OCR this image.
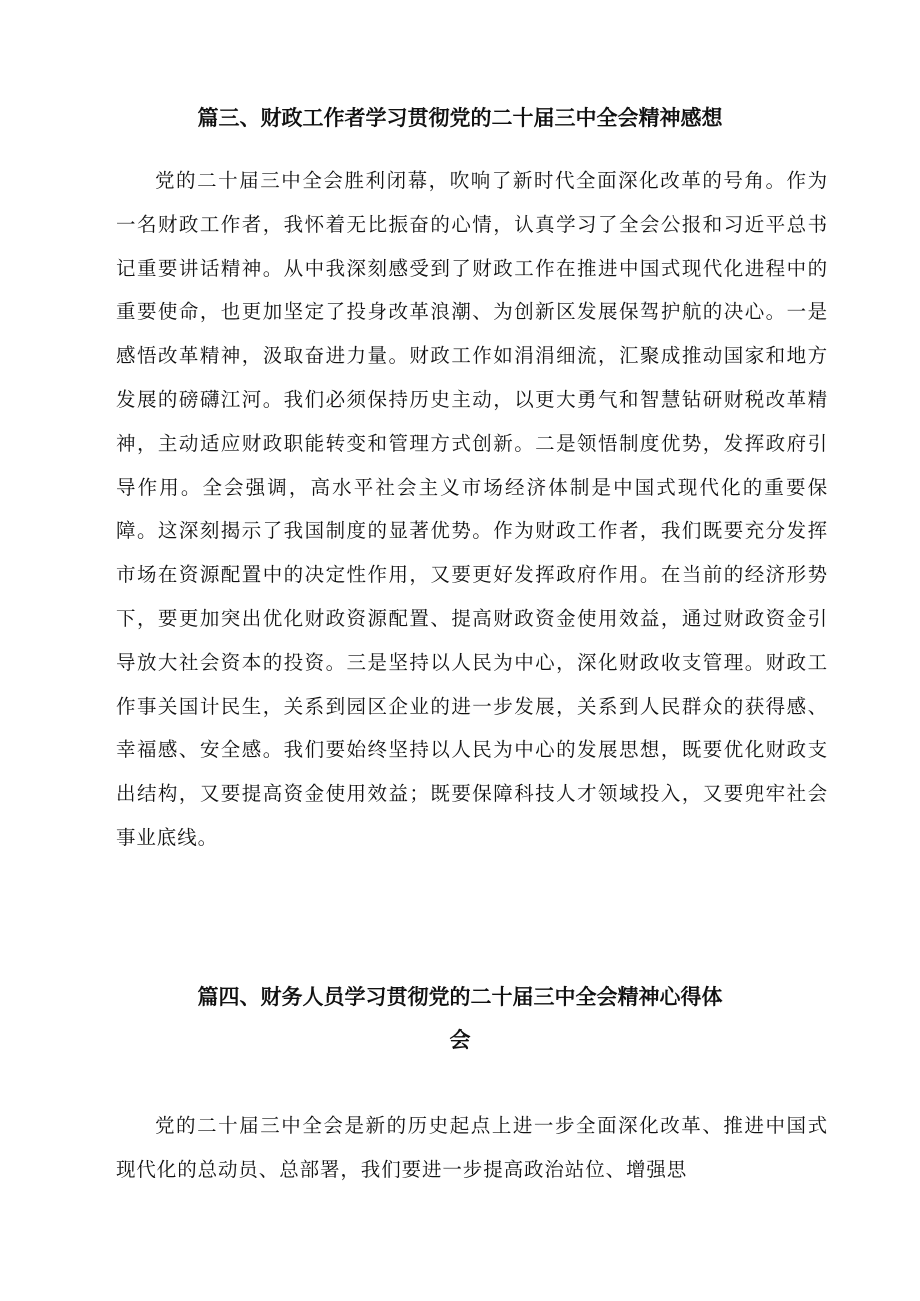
篇三、财政工作者学习贯彻党的二十届三中全会精神感想

党的二十届三中全会胜利闭幕，吹响了新时代全面深化改革的号角。作为一名财政工作者，我怀着无比振奋的心情，认真学习了全会公报和习近平总书记重要讲话精神。从中我深刻感受到了财政工作在推进中国式现代化进程中的重要使命，也更加坚定了投身改革浪潮、为创新区发展保驾护航的决心。一是感悟改革精神，汲取奋进力量。财政工作如涓涓细流，汇聚成推动国家和地方发展的磅礴江河。我们必须保持历史主动，以更大勇气和智慧钻研财税改革精神，主动适应财政职能转变和管理方式创新。二是领悟制度优势，发挥政府引导作用。全会强调，高水平社会主义市场经济体制是中国式现代化的重要保障。这深刻揭示了我国制度的显著优势。作为财政工作者，我们既要充分发挥市场在资源配置中的决定性作用，又要更好发挥政府作用。在当前的经济形势下，要更加突出优化财政资源配置、提高财政资金使用效益，通过财政资金引导放大社会资本的投资。三是坚持以人民为中心，深化财政收支管理。财政工作事关国计民生，关系到园区企业的进一步发展，关系到人民群众的获得感、幸福感、安全感。我们要始终坚持以人民为中心的发展思想，既要优化财政支出结构，又要提高资金使用效益；既要保障科技人才领域投入，又要兜牢社会事业底线。

篇四、财务人员学习贯彻党的二十届三中全会精神心得体
会

党的二十届三中全会是新的历史起点上进一步全面深化改革、推进中国式现代化的总动员、总部署，我们要进一步提高政治站位、增强思
